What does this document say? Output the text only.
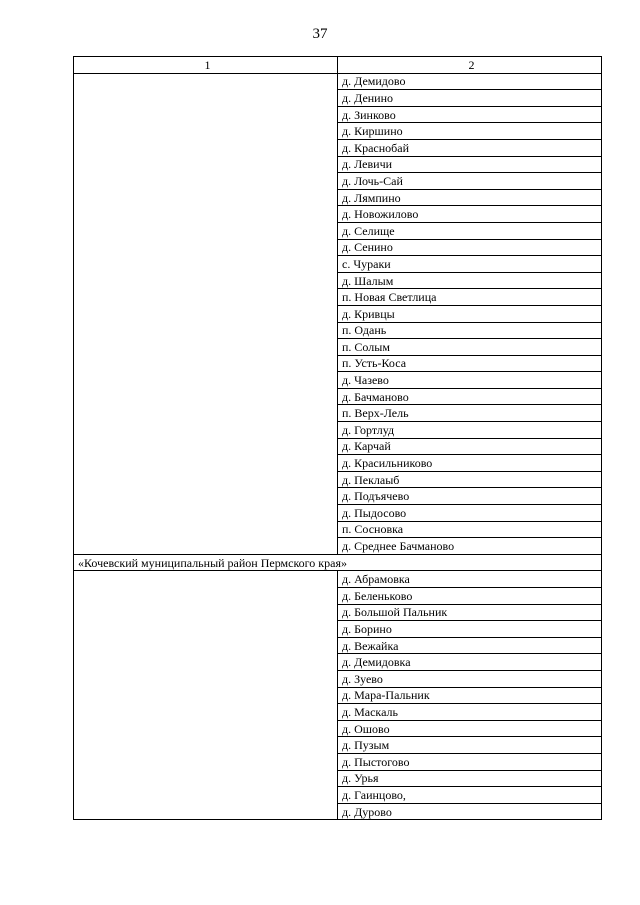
37
1	2
	д. Демидово
	д. Денино
	д. Зинково
	д. Киршино
	д. Краснобай
	д. Левичи
	д. Лочь-Сай
	д. Лямпино
	д. Новожилово
	д. Селище
	д. Сенино
	с. Чураки
	д. Шалым
	п. Новая Светлица
	д. Кривцы
	п. Одань
	п. Солым
	п. Усть-Коса
	д. Чазево
	д. Бачманово
	п. Верх-Лель
	д. Гортлуд
	д. Карчай
	д. Красильниково
	д. Пеклаыб
	д. Подъячево
	д. Пыдосово
	п. Сосновка
	д. Среднее Бачманово
«Кочевский муниципальный район Пермского края»	
	д. Абрамовка
	д. Беленьково
	д. Большой Пальник
	д. Борино
	д. Вежайка
	д. Демидовка
	д. Зуево
	д. Мара-Пальник
	д. Маскаль
	д. Ошово
	д. Пузым
	д. Пыстогово
	д. Урья
	д. Гаинцово,
	д. Дурово
